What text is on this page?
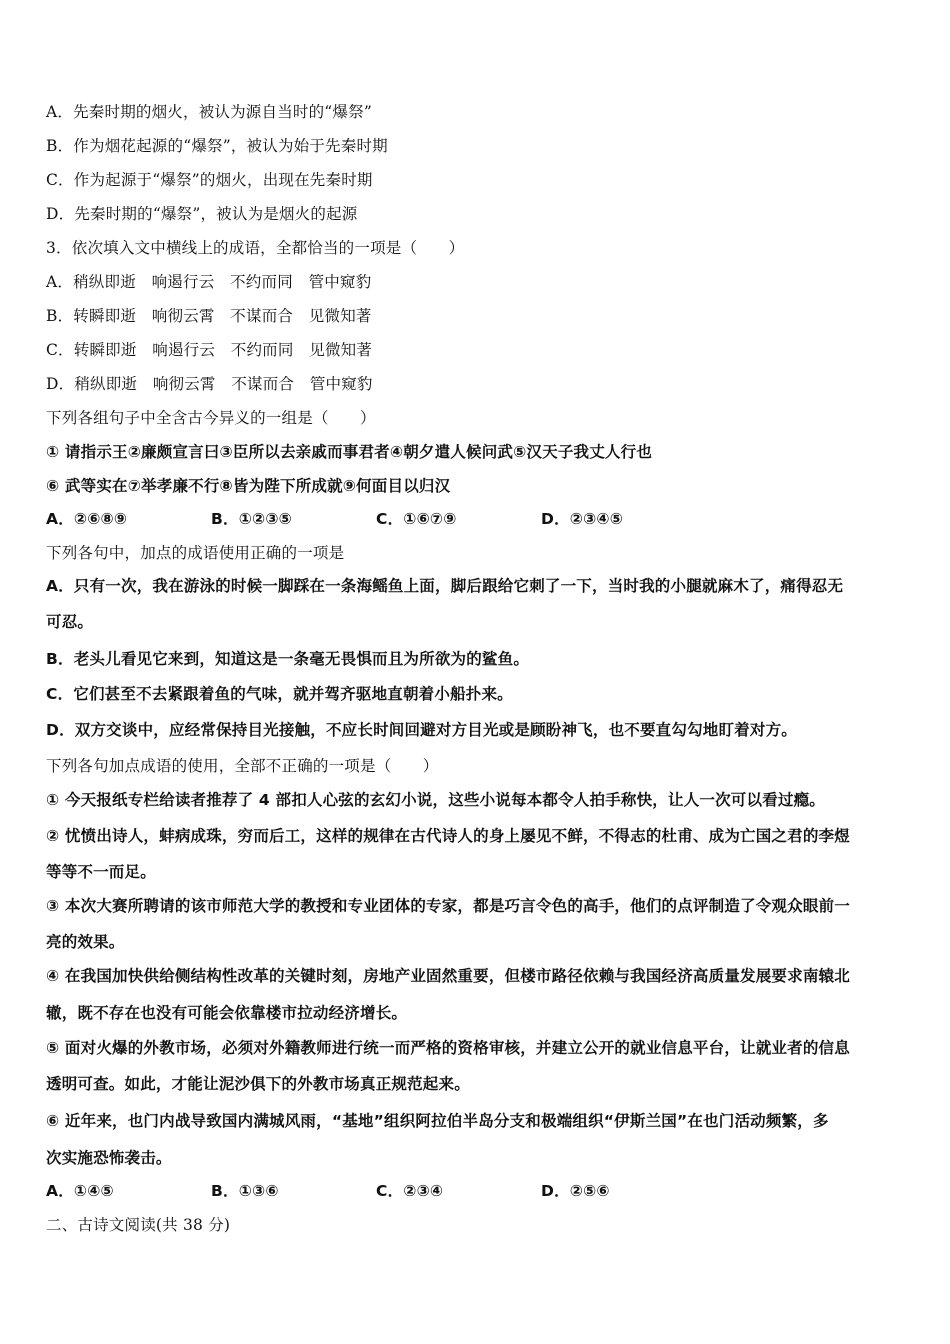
A．先秦时期的烟火，被认为源自当时的“爆祭”
B．作为烟花起源的“爆祭”，被认为始于先秦时期
C．作为起源于“爆祭”的烟火，出现在先秦时期
D．先秦时期的“爆祭”，被认为是烟火的起源
3．依次填入文中横线上的成语，全都恰当的一项是（　　）
A．稍纵即逝　响遏行云　不约而同　管中窥豹
B．转瞬即逝　响彻云霄　不谋而合　见微知著
C．转瞬即逝　响遏行云　不约而同　见微知著
D．稍纵即逝　响彻云霄　不谋而合　管中窥豹
下列各组句子中全含古今异义的一组是（　　）
① 请指示王②廉颇宣言曰③臣所以去亲戚而事君者④朝夕遣人候问武⑤汉天子我丈人行也
⑥ 武等实在⑦举孝廉不行⑧皆为陛下所成就⑨何面目以归汉
A．②⑥⑧⑨	B．①②③⑤	C．①⑥⑦⑨	D．②③④⑤
下列各句中，加点的成语使用正确的一项是
A．只有一次，我在游泳的时候一脚踩在一条海鳐鱼上面，脚后跟给它刺了一下，当时我的小腿就麻木了，痛得忍无
可忍。
B．老头儿看见它来到，知道这是一条毫无畏惧而且为所欲为的鲨鱼。
C．它们甚至不去紧跟着鱼的气味，就并驾齐驱地直朝着小船扑来。
D．双方交谈中，应经常保持目光接触，不应长时间回避对方目光或是顾盼神飞，也不要直勾勾地盯着对方。
下列各句加点成语的使用，全部不正确的一项是（　　）
① 今天报纸专栏给读者推荐了 4 部扣人心弦的玄幻小说，这些小说每本都令人拍手称快，让人一次可以看过瘾。
② 忧愤出诗人，蚌病成珠，穷而后工，这样的规律在古代诗人的身上屡见不鲜，不得志的杜甫、成为亡国之君的李煜
等等不一而足。
③ 本次大赛所聘请的该市师范大学的教授和专业团体的专家，都是巧言令色的高手，他们的点评制造了令观众眼前一
亮的效果。
④ 在我国加快供给侧结构性改革的关键时刻，房地产业固然重要，但楼市路径依赖与我国经济高质量发展要求南辕北
辙，既不存在也没有可能会依靠楼市拉动经济增长。
⑤ 面对火爆的外教市场，必须对外籍教师进行统一而严格的资格审核，并建立公开的就业信息平台，让就业者的信息
透明可查。如此，才能让泥沙俱下的外教市场真正规范起来。
⑥ 近年来，也门内战导致国内满城风雨，“基地”组织阿拉伯半岛分支和极端组织“伊斯兰国”在也门活动频繁，多
次实施恐怖袭击。
A．①④⑤	B．①③⑥	C．②③④	D．②⑤⑥
二、古诗文阅读(共 38 分)
